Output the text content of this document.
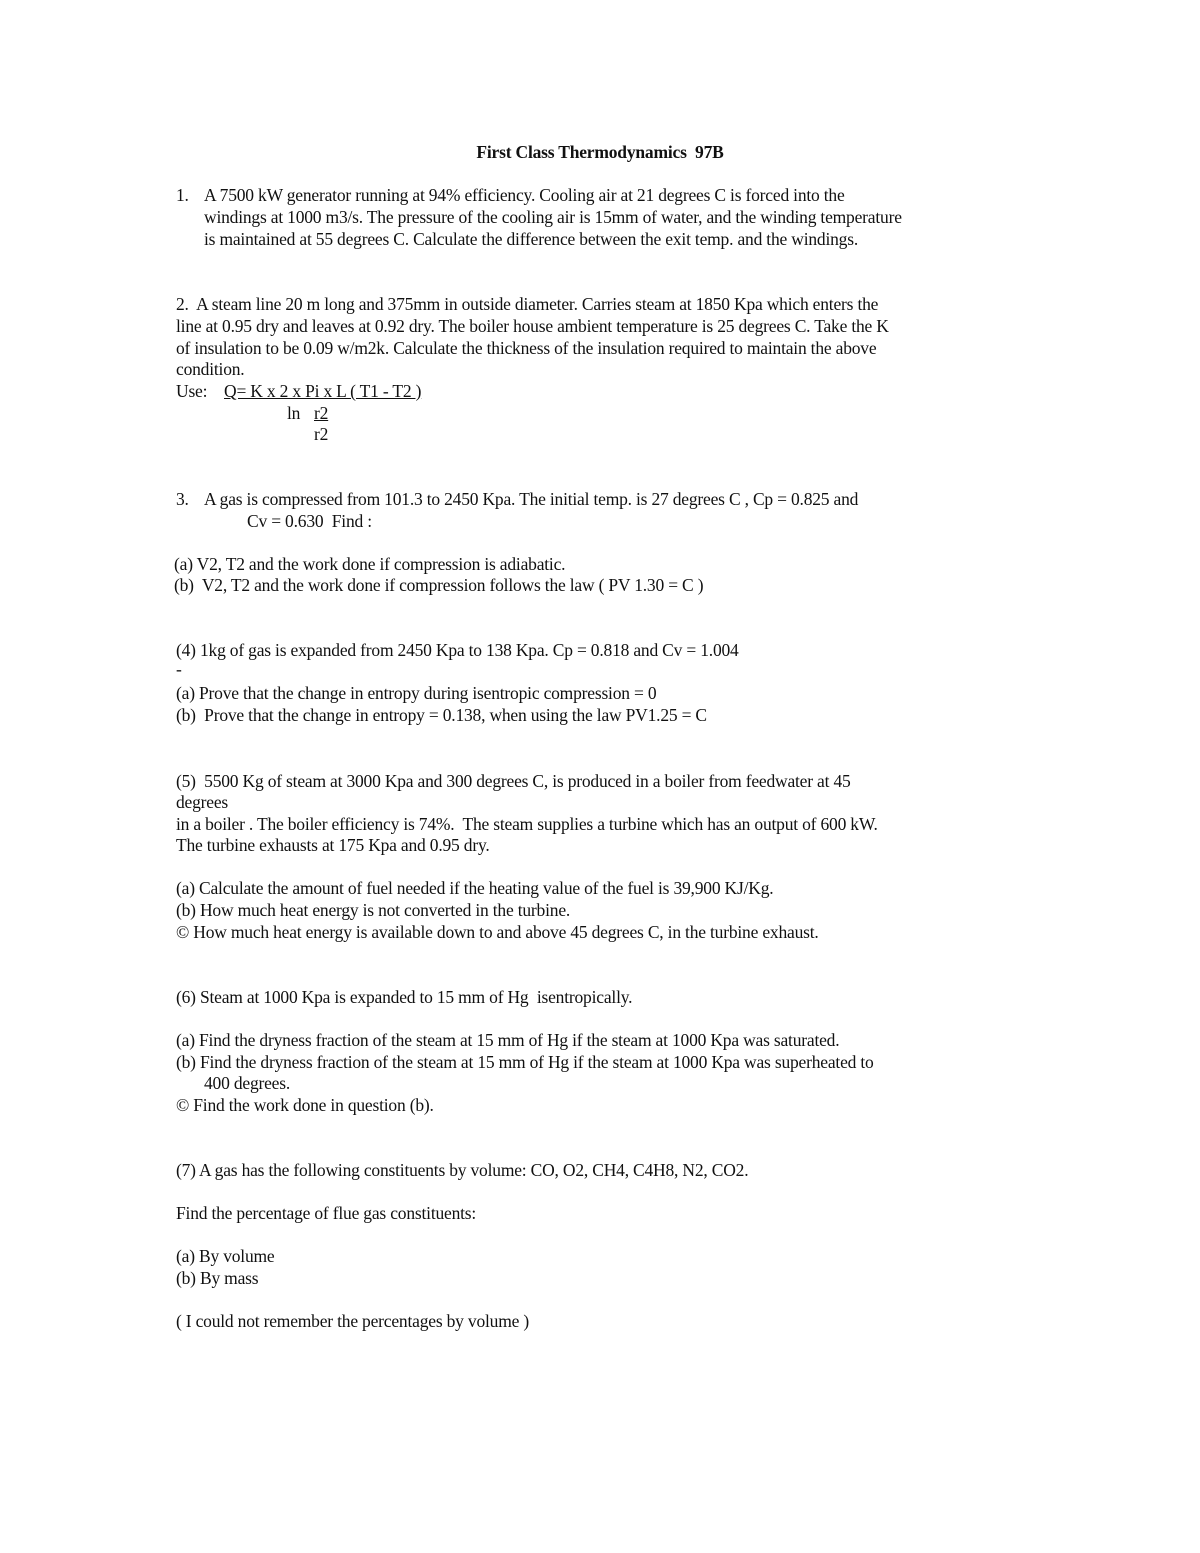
First Class Thermodynamics  97B
1. A 7500 kW generator running at 94% efficiency. Cooling air at 21 degrees C is forced into the
windings at 1000 m3/s. The pressure of the cooling air is 15mm of water, and the winding temperature
is maintained at 55 degrees C. Calculate the difference between the exit temp. and the windings.
2.  A steam line 20 m long and 375mm in outside diameter. Carries steam at 1850 Kpa which enters the
line at 0.95 dry and leaves at 0.92 dry. The boiler house ambient temperature is 25 degrees C. Take the K
of insulation to be 0.09 w/m2k. Calculate the thickness of the insulation required to maintain the above
condition.
Use: Q= K x 2 x Pi x L ( T1 - T2 )
ln r2
r2
3. A gas is compressed from 101.3 to 2450 Kpa. The initial temp. is 27 degrees C , Cp = 0.825 and
Cv = 0.630  Find :
(a) V2, T2 and the work done if compression is adiabatic.
(b)  V2, T2 and the work done if compression follows the law ( PV 1.30 = C )
(4) 1kg of gas is expanded from 2450 Kpa to 138 Kpa. Cp = 0.818 and Cv = 1.004
-
(a) Prove that the change in entropy during isentropic compression = 0
(b)  Prove that the change in entropy = 0.138, when using the law PV1.25 = C
(5)  5500 Kg of steam at 3000 Kpa and 300 degrees C, is produced in a boiler from feedwater at 45
degrees
in a boiler . The boiler efficiency is 74%.  The steam supplies a turbine which has an output of 600 kW.
The turbine exhausts at 175 Kpa and 0.95 dry.
(a) Calculate the amount of fuel needed if the heating value of the fuel is 39,900 KJ/Kg.
(b) How much heat energy is not converted in the turbine.
© How much heat energy is available down to and above 45 degrees C, in the turbine exhaust.
(6) Steam at 1000 Kpa is expanded to 15 mm of Hg  isentropically.
(a) Find the dryness fraction of the steam at 15 mm of Hg if the steam at 1000 Kpa was saturated.
(b) Find the dryness fraction of the steam at 15 mm of Hg if the steam at 1000 Kpa was superheated to
400 degrees.
© Find the work done in question (b).
(7) A gas has the following constituents by volume: CO, O2, CH4, C4H8, N2, CO2.
Find the percentage of flue gas constituents:
(a) By volume
(b) By mass
( I could not remember the percentages by volume )
